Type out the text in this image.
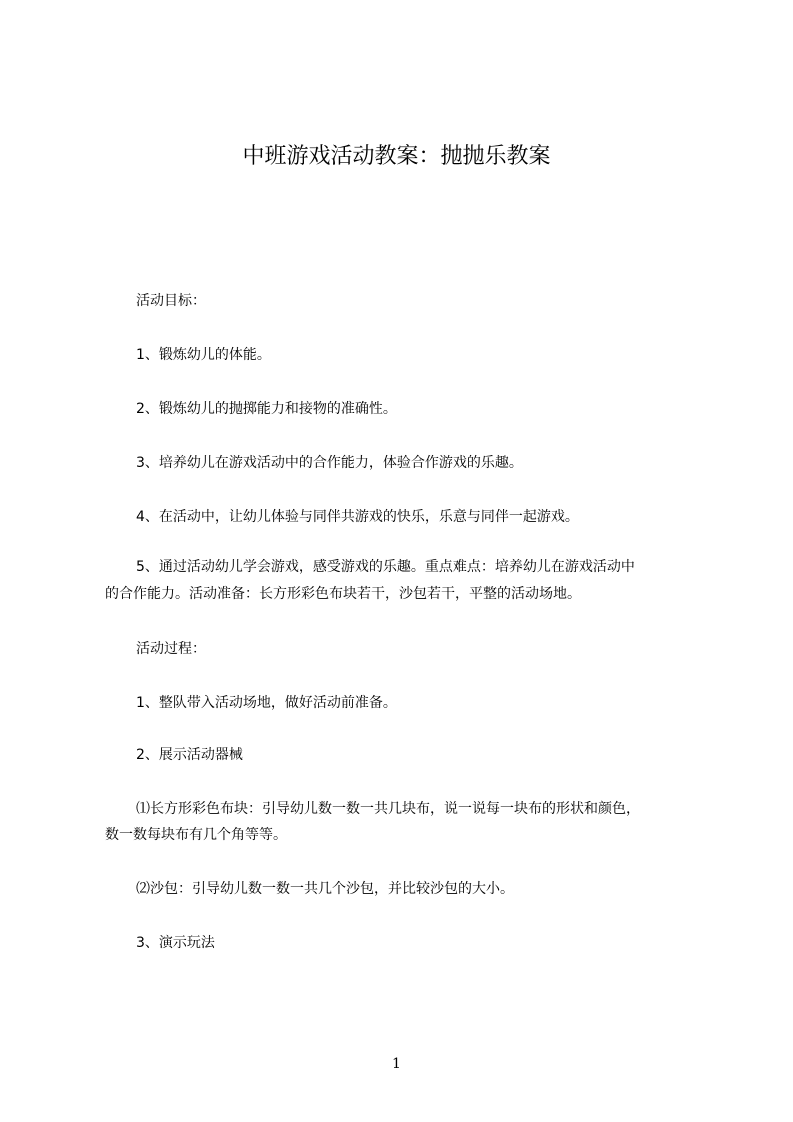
中班游戏活动教案：抛抛乐教案
活动目标：
1、锻炼幼儿的体能。
2、锻炼幼儿的抛掷能力和接物的准确性。
3、培养幼儿在游戏活动中的合作能力，体验合作游戏的乐趣。
4、在活动中，让幼儿体验与同伴共游戏的快乐，乐意与同伴一起游戏。
5、通过活动幼儿学会游戏，感受游戏的乐趣。重点难点：培养幼儿在游戏活动中
的合作能力。活动准备：长方形彩色布块若干，沙包若干，平整的活动场地。
活动过程：
1、整队带入活动场地，做好活动前准备。
2、展示活动器械
⑴长方形彩色布块：引导幼儿数一数一共几块布，说一说每一块布的形状和颜色，
数一数每块布有几个角等等。
⑵沙包：引导幼儿数一数一共几个沙包，并比较沙包的大小。
3、演示玩法
1
